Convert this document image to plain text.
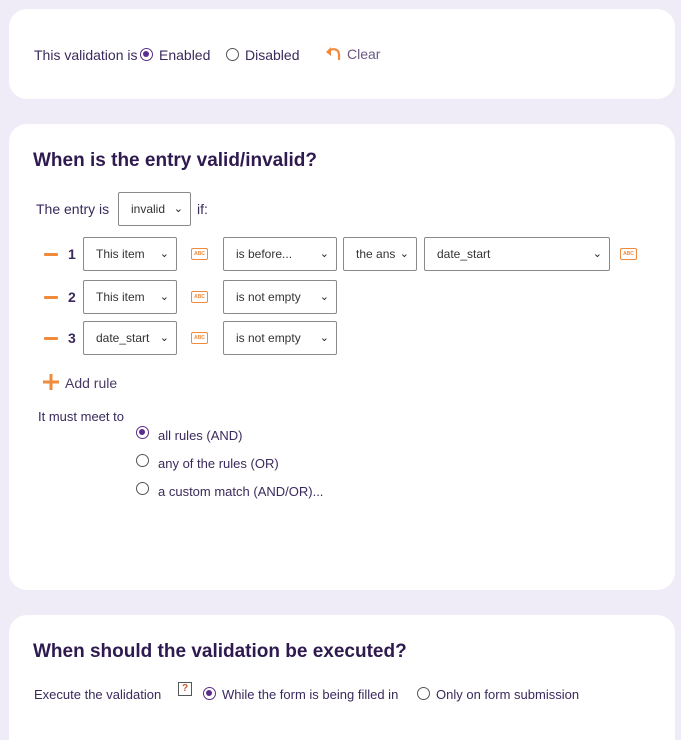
This validation is Enabled Disabled	Clear
When is the entry valid/invalid?
The entry is	invalid ⌄ if:
1	This item ⌄	ABC	is before...	⌄	the ans ⌄	date_start	⌄	ABC
2	This item ⌄	ABC	is not empty ⌄
3	date_start ⌄	ABC	is not empty ⌄
Add rule
It must meet to
all rules (AND)
any of the rules (OR)
a custom match (AND/OR)...
When should the validation be executed?
Execute the validation	?	While the form is being filled in	Only on form submission
